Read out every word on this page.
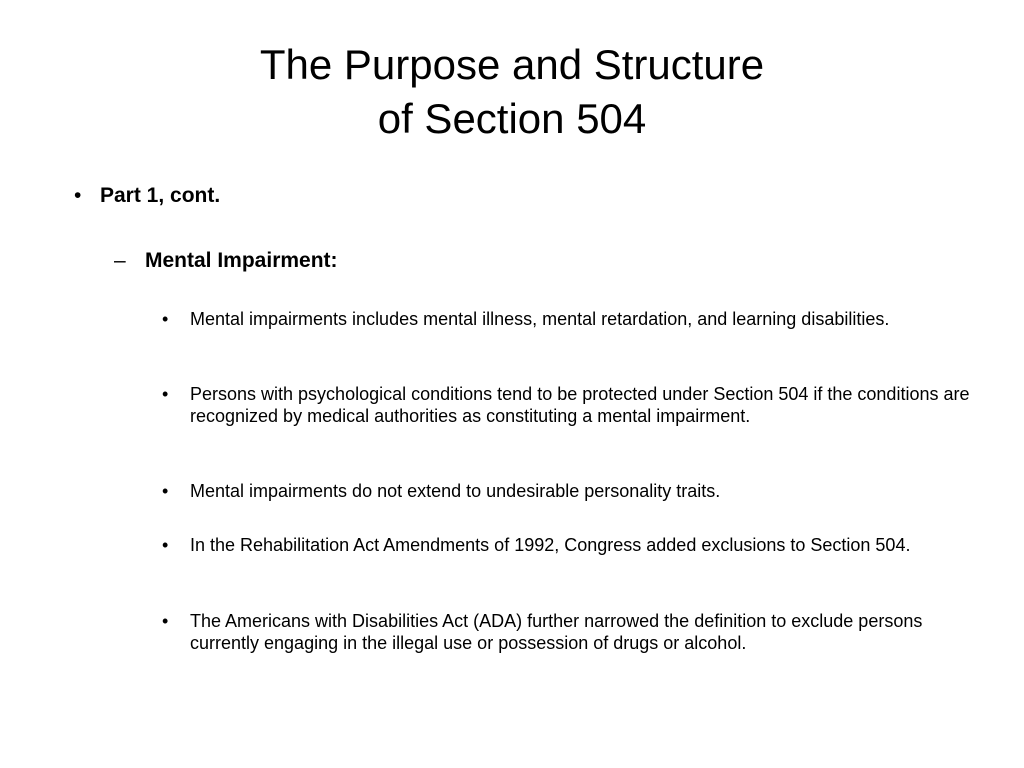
The Purpose and Structure
of Section 504
• Part 1, cont.
– Mental Impairment:
•	Mental impairments includes mental illness, mental retardation, and learning disabilities.
•	Persons with psychological conditions tend to be protected under Section 504 if the conditions are recognized by medical authorities as constituting a mental impairment.
•	Mental impairments do not extend to undesirable personality traits.
•	In the Rehabilitation Act Amendments of 1992, Congress added exclusions to Section 504.
•	The Americans with Disabilities Act (ADA) further narrowed the definition to exclude persons currently engaging in the illegal use or possession of drugs or alcohol.
